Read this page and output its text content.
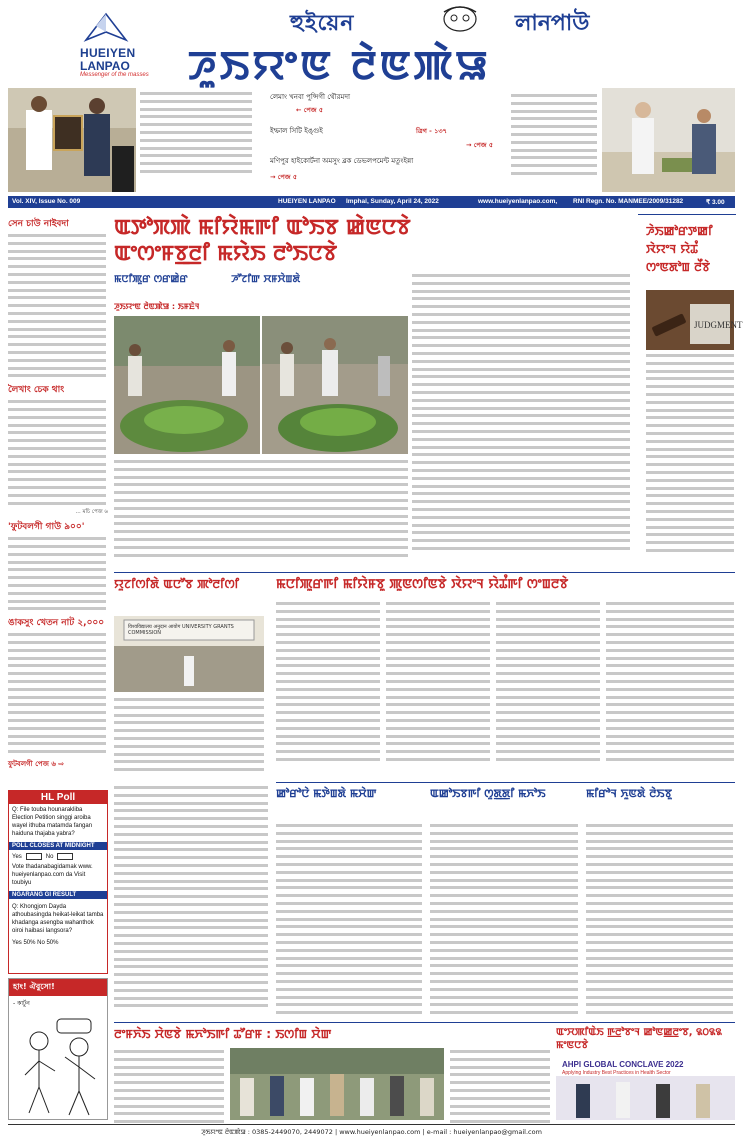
HUEIYEN
LANPAO
Messenger of the masses
হুইয়েন	লানপাউ
ꯍꯨꯏꯌꯦꯟ ꯂꯥꯟꯄꯥꯎ
লেমাং খনবা পুন্সিগী থৌরমদা
← পেজ ৫
ইম্ফাল সিটি ইঙ্গুই	ত্রিগ - ১৩৭
→ পেজ ৫
মণিপুর হাইকোর্টনা অমসুং ব্লক ডেভলপমেন্ট মতুংইন্না
→ পেজ ৫
Vol. XIV, Issue No. 009	HUEIYEN LANPAO Imphal, Sunday, April 24, 2022	www.hueiyenlanpao.com, RNI Regn. No. MANMEE/2009/31282	₹ 3.00
সেন চাউ নাইবদা
লৈখাং চেক থাং
... মচি পেজ ৬
'ফুটবলগী গাউ ৯০০'
ঙাকসুং খেতন নাট ২,০০০
ফুটবলগী পেজ ৬ ⇨
HL Poll
Q: File touba hounarakliba Election Petition singgi aroiba wayel ithuba matamda fangan haiduna thajaba yabra?
POLL CLOSES AT MIDNIGHT
Yes	No
Vote thadanabagidamak www. hueiyenlanpao.com da Visit toubiyu
NGARANG GI RESULT
Q: Khongjom Dayda athoubasingda heikat-leikat tamba khadanga asengba wahanthok oiroi haibasi langsora?
Yes 50% No 50%
হাং! ঐবুসো!
- কার্টুন
ꯑꯇꯣꯞꯄꯥ ꯃꯤꯌꯥꯃꯒꯤ ꯑꯣꯏꯕ ꯀꯥꯟꯅꯕꯥ
ꯑꯦꯁꯦꯝꯕ꯭ꯂꯤ ꯃꯌꯥꯏ ꯂꯣꯏꯅꯕꯥ
ꯃꯅꯤꯄꯨꯔ ꯁꯔꯀꯥꯔ	ꯍꯧꯖꯤꯛ ꯆꯝꯆꯥꯡꯗꯥ
ꯍꯨꯏꯌꯦꯟ ꯂꯥꯟꯄꯥꯎ : ꯏꯝꯐꯥꯜ
ꯍꯥꯏꯀꯣꯔꯇꯀꯤ ꯋꯥꯌꯦꯜ ꯌꯥꯊꯪ ꯁꯦꯟꯗꯣꯡ ꯂꯩꯕꯥ
JUDGMENT
ꯌꯨꯖꯤꯁꯤꯗꯥ ꯑꯅꯧꯕ ꯄꯣꯂꯤꯁꯤ
विश्वविद्यालय अनुदान आयोग UNIVERSITY GRANTS COMMISSION
ꯃꯅꯤꯄꯨꯔꯒꯤ ꯃꯤꯌꯥꯝꯕꯨ ꯄꯨꯟꯁꯤꯟꯕꯥ ꯋꯥꯌꯦꯜ ꯌꯥꯊꯪꯒꯤ ꯁꯦꯡꯂꯕꯥ
ꯀꯣꯔꯣꯅꯥ ꯃꯇꯥꯡꯗꯥ ꯃꯆꯥꯛ	ꯑꯀꯣꯏꯕꯒꯤ ꯁꯨꯗ꯭ꯗꯤ ꯃꯈꯣꯏ	ꯃꯤꯔꯣꯜ ꯈꯨꯟꯗꯥ ꯂꯥꯏꯕꯨ
ꯂꯦꯝꯈꯥꯏ ꯆꯥꯟꯕꯥ ꯃꯈꯣꯏꯒꯤ ꯊꯧꯔꯝ : ꯏꯁꯤꯡ ꯆꯥꯛ	ꯑꯦꯆꯄꯤꯑꯥꯏ ꯒ꯭ꯂꯣꯕꯦꯜ ꯀꯣꯟꯀ꯭ꯂꯦꯕ, ꯲꯰꯲꯲ ꯃꯦꯟꯅꯕꯥ
AHPI GLOBAL CONCLAVE 2022
Applying Industry Best Practices in Health Sector
ꯍꯨꯏꯌꯦꯟ ꯂꯥꯟꯄꯥꯎ : 0385-2449070, 2449072 | www.hueiyenlanpao.com | e-mail : hueiyenlanpao@gmail.com
